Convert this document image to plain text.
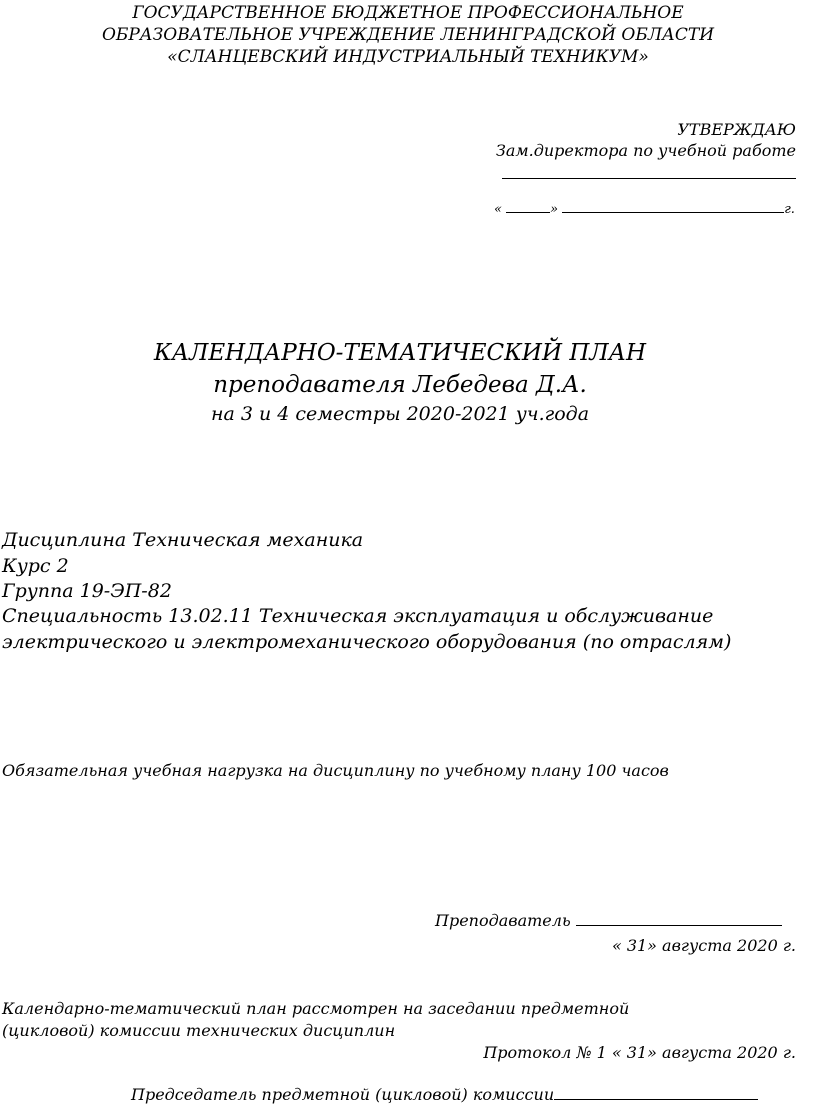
ГОСУДАРСТВЕННОЕ БЮДЖЕТНОЕ ПРОФЕССИОНАЛЬНОЕ
ОБРАЗОВАТЕЛЬНОЕ УЧРЕЖДЕНИЕ ЛЕНИНГРАДСКОЙ ОБЛАСТИ
«СЛАНЦЕВСКИЙ ИНДУСТРИАЛЬНЫЙ ТЕХНИКУМ»
УТВЕРЖДАЮ
Зам.директора по учебной работе
«	»	г.
КАЛЕНДАРНО-ТЕМАТИЧЕСКИЙ ПЛАН
преподавателя Лебедева Д.А.
на 3 и 4 семестры 2020-2021 уч.года
Дисциплина Техническая механика
Курс 2
Группа 19-ЭП-82
Специальность 13.02.11 Техническая эксплуатация и обслуживание
электрического и электромеханического оборудования (по отраслям)
Обязательная учебная нагрузка на дисциплину по учебному плану 100 часов
Преподаватель
« 31» августа 2020 г.
Календарно-тематический план рассмотрен на заседании предметной
(цикловой) комиссии технических дисциплин
Протокол № 1 « 31» августа 2020 г.
Председатель предметной (цикловой) комиссии
